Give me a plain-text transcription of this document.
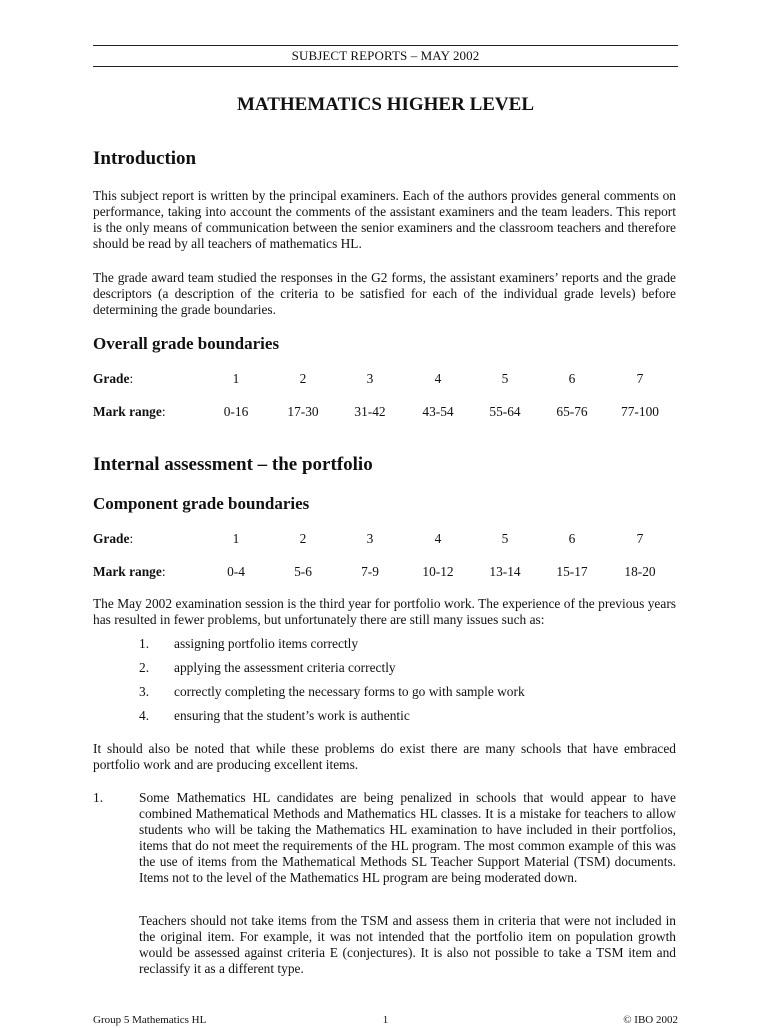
SUBJECT REPORTS – MAY 2002
MATHEMATICS HIGHER LEVEL
Introduction

This subject report is written by the principal examiners. Each of the authors provides general comments on performance, taking into account the comments of the assistant examiners and the team leaders. This report is the only means of communication between the senior examiners and the classroom teachers and therefore should be read by all teachers of mathematics HL.

The grade award team studied the responses in the G2 forms, the assistant examiners’ reports and the grade descriptors (a description of the criteria to be satisfied for each of the individual grade levels) before determining the grade boundaries.

Overall grade boundaries
Grade:	1	2	3	4	5	6	7
Mark range:	0-16	17-30	31-42	43-54	55-64	65-76	77-100
Internal assessment – the portfolio
Component grade boundaries
Grade:	1	2	3	4	5	6	7
Mark range:	0-4	5-6	7-9	10-12	13-14	15-17	18-20

The May 2002 examination session is the third year for portfolio work. The experience of the previous years has resulted in fewer problems, but unfortunately there are still many issues such as:

1.	assigning portfolio items correctly
2.	applying the assessment criteria correctly
3.	correctly completing the necessary forms to go with sample work
4.	ensuring that the student’s work is authentic

It should also be noted that while these problems do exist there are many schools that have embraced portfolio work and are producing excellent items.

1.	Some Mathematics HL candidates are being penalized in schools that would appear to have combined Mathematical Methods and Mathematics HL classes. It is a mistake for teachers to allow students who will be taking the Mathematics HL examination to have included in their portfolios, items that do not meet the requirements of the HL program. The most common example of this was the use of items from the Mathematical Methods SL Teacher Support Material (TSM) documents. Items not to the level of the Mathematics HL program are being moderated down.
Teachers should not take items from the TSM and assess them in criteria that were not included in the original item. For example, it was not intended that the portfolio item on population growth would be assessed against criteria E (conjectures). It is also not possible to take a TSM item and reclassify it as a different type.
Group 5 Mathematics HL	1	© IBO 2002
